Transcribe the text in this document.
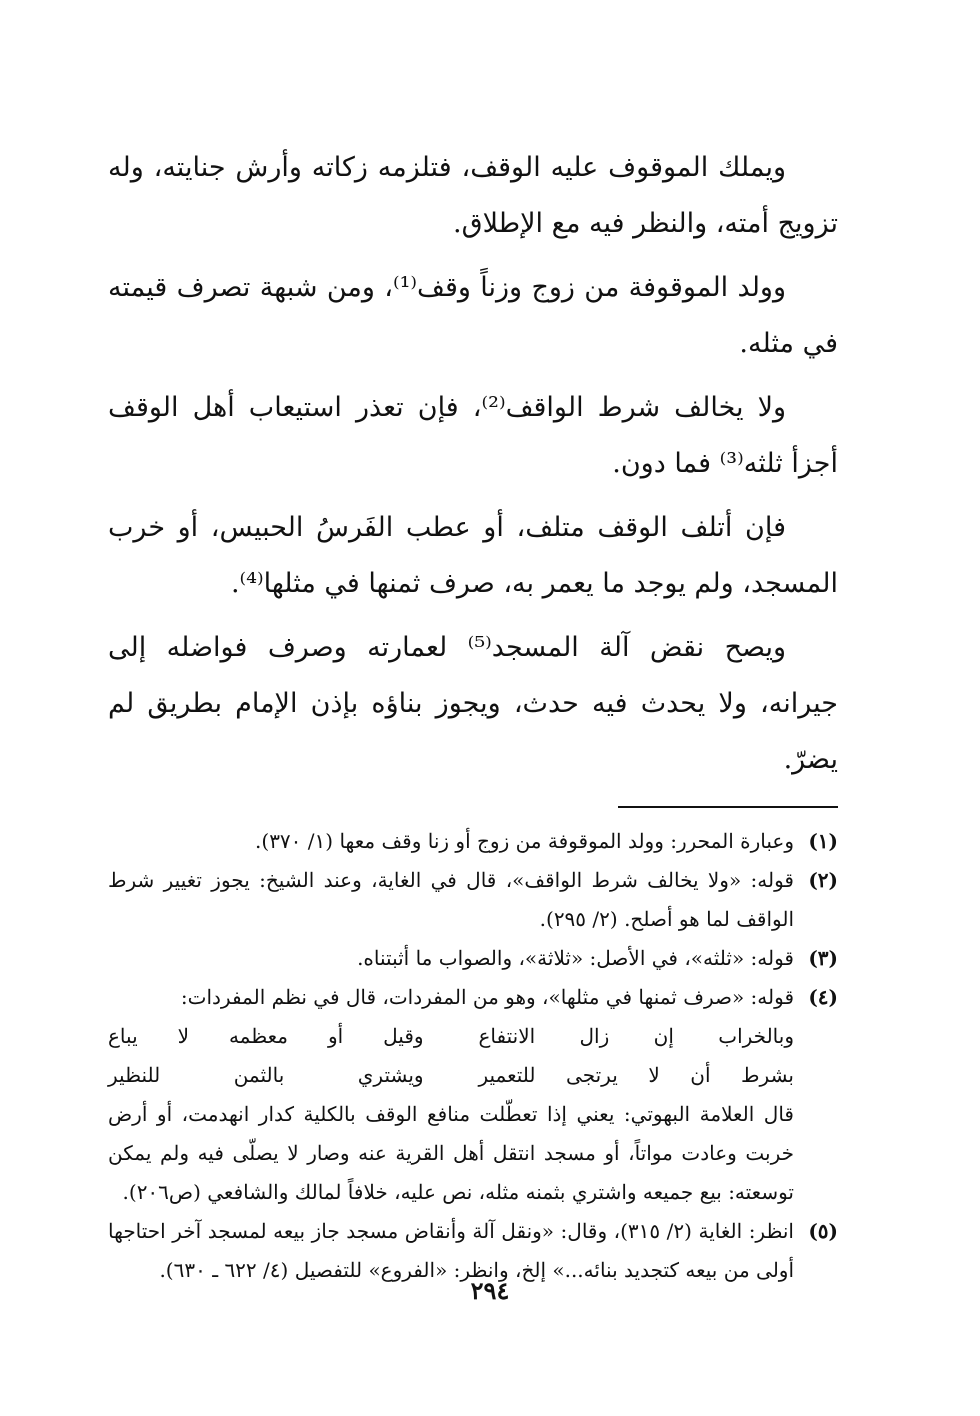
ويملك الموقوف عليه الوقف، فتلزمه زكاته وأرش جنايته، وله تزويج أمته، والنظر فيه مع الإطلاق.

وولد الموقوفة من زوج وزناً وقف⁽¹⁾، ومن شبهة تصرف قيمته في مثله.

ولا يخالف شرط الواقف⁽²⁾، فإن تعذر استيعاب أهل الوقف أجزأ ثلثه⁽³⁾ فما دون.

فإن أتلف الوقف متلف، أو عطب الفَرسُ الحبيس، أو خرب المسجد، ولم يوجد ما يعمر به، صرف ثمنها في مثلها⁽⁴⁾.

ويصح نقض آلة المسجد⁽⁵⁾ لعمارته وصرف فواضله إلى جيرانه، ولا يحدث فيه حدث، ويجوز بناؤه بإذن الإمام بطريق لم يضرّ.

(١)
وعبارة المحرر: وولد الموقوفة من زوج أو زنا وقف معها (١/ ٣٧٠).
(٢)
قوله: «ولا يخالف شرط الواقف»، قال في الغاية، وعند الشيخ: يجوز تغيير شرط الواقف لما هو أصلح. (٢/ ٢٩٥).
(٣)
قوله: «ثلثه»، في الأصل: «ثلاثة»، والصواب ما أثبتناه.
(٤)
قوله: «صرف ثمنها في مثلها»، وهو من المفردات، قال في نظم المفردات:
وبالخراب إن زال الانتفاع
وقيل أو معظمه لا يباع
بشرط أن لا يرتجى للتعمير
ويشتري بالثمن للنظير
قال العلامة البهوتي: يعني إذا تعطّلت منافع الوقف بالكلية كدار انهدمت، أو أرض خربت وعادت مواتاً، أو مسجد انتقل أهل القرية عنه وصار لا يصلّى فيه ولم يمكن توسعته: بيع جميعه واشتري بثمنه مثله، نص عليه، خلافاً لمالك والشافعي (ص٢٠٦).
(٥)
انظر: الغاية (٢/ ٣١٥)، وقال: «ونقل آلة وأنقاض مسجد جاز بيعه لمسجد آخر احتاجها أولى من بيعه كتجديد بنائه...» إلخ، وانظر: «الفروع» للتفصيل (٤/ ٦٢٢ ـ ٦٣٠).
٢٩٤
